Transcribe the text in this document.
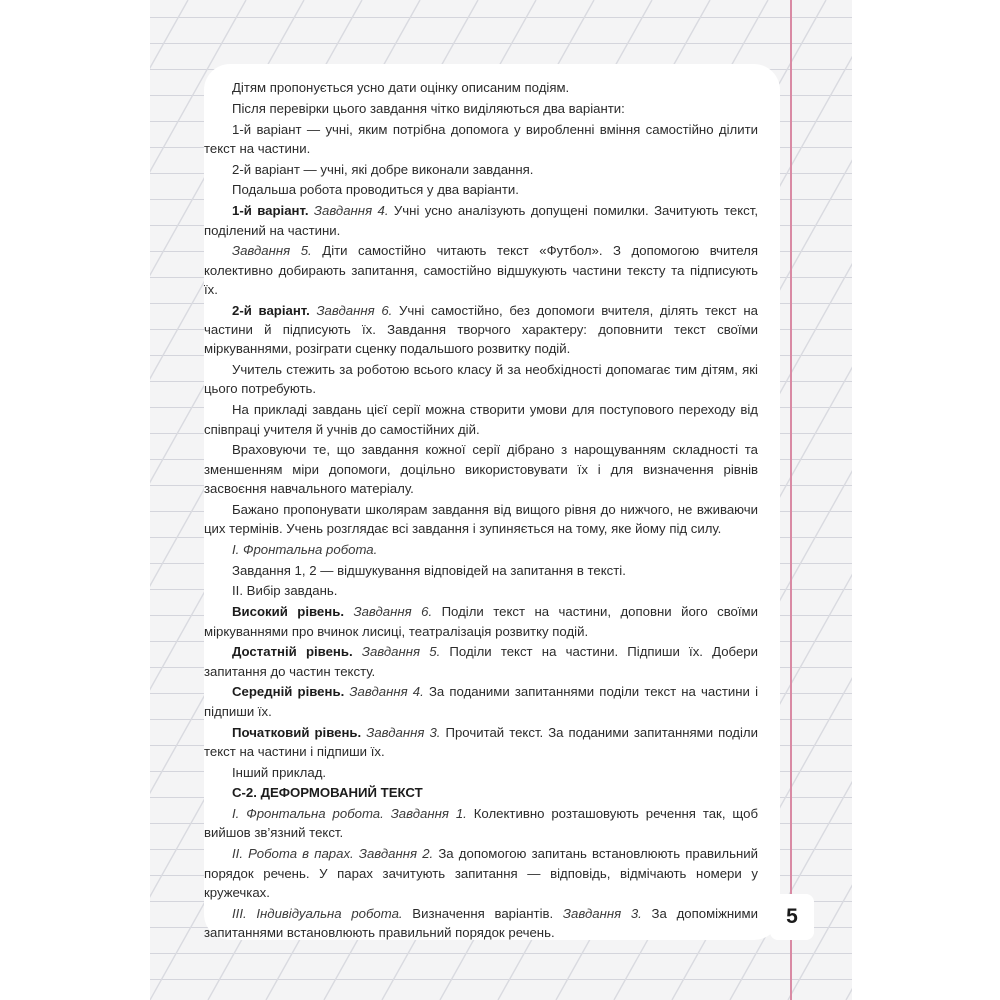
Дітям пропонується усно дати оцінку описаним подіям.

Після перевірки цього завдання чітко виділяються два варіанти:

1-й варіант — учні, яким потрібна допомога у виробленні вміння самостійно ділити текст на частини.

2-й варіант — учні, які добре виконали завдання.

Подальша робота проводиться у два варіанти.

1-й варіант. Завдання 4. Учні усно аналізують допущені помилки. Зачитують текст, поділений на частини.

Завдання 5. Діти самостійно читають текст «Футбол». З допомогою вчителя колективно добирають запитання, самостійно відшукують частини тексту та підписують їх.

2-й варіант. Завдання 6. Учні самостійно, без допомоги вчителя, ділять текст на частини й підписують їх. Завдання творчого характеру: доповнити текст своїми міркуваннями, розіграти сценку подальшого розвитку подій.

Учитель стежить за роботою всього класу й за необхідності допомагає тим дітям, які цього потребують.

На прикладі завдань цієї серії можна створити умови для поступового переходу від співпраці учителя й учнів до самостійних дій.

Враховуючи те, що завдання кожної серії дібрано з нарощуванням складності та зменшенням міри допомоги, доцільно використовувати їх і для визначення рівнів засвоєння навчального матеріалу.

Бажано пропонувати школярам завдання від вищого рівня до нижчого, не вживаючи цих термінів. Учень розглядає всі завдання і зупиняється на тому, яке йому під силу.

І. Фронтальна робота.

Завдання 1, 2 — відшукування відповідей на запитання в тексті.

ІІ. Вибір завдань.

Високий рівень. Завдання 6. Поділи текст на частини, доповни його своїми міркуваннями про вчинок лисиці, театралізація розвитку подій.

Достатній рівень. Завдання 5. Поділи текст на частини. Підпиши їх. Добери запитання до частин тексту.

Середній рівень. Завдання 4. За поданими запитаннями поділи текст на частини і підпиши їх.

Початковий рівень. Завдання 3. Прочитай текст. За поданими запитаннями поділи текст на частини і підпиши їх.

Інший приклад.

С-2. ДЕФОРМОВАНИЙ ТЕКСТ

І. Фронтальна робота. Завдання 1. Колективно розташовують речення так, щоб вийшов зв’язний текст.

ІІ. Робота в парах. Завдання 2. За допомогою запитань встановлюють правильний порядок речень. У парах зачитують запитання — відповідь, відмічають номери у кружечках.

ІІІ. Індивідуальна робота. Визначення варіантів. Завдання 3. За допоміжними запитаннями встановлюють правильний порядок речень.

5
